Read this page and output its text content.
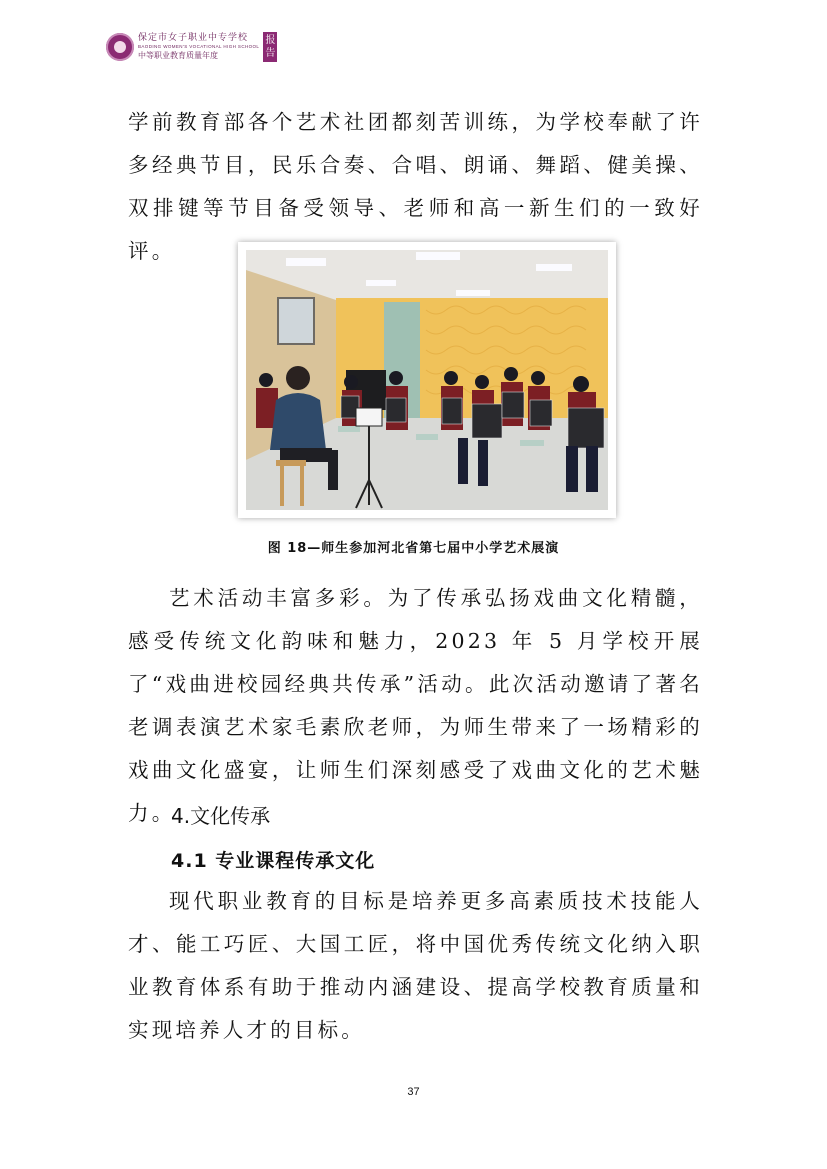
保定市女子职业中专学校
BAODING WOMEN'S VOCATIONAL HIGH SCHOOL
中等职业教育质量年度
报
告

学前教育部各个艺术社团都刻苦训练，为学校奉献了许多经典节目，民乐合奏、合唱、朗诵、舞蹈、健美操、双排键等节目备受领导、老师和高一新生们的一致好评。

图 18—师生参加河北省第七届中小学艺术展演

艺术活动丰富多彩。为了传承弘扬戏曲文化精髓，感受传统文化韵味和魅力，2023 年 5 月学校开展了“戏曲进校园经典共传承”活动。此次活动邀请了著名老调表演艺术家毛素欣老师，为师生带来了一场精彩的戏曲文化盛宴，让师生们深刻感受了戏曲文化的艺术魅力。

4.文化传承
4.1 专业课程传承文化

现代职业教育的目标是培养更多高素质技术技能人才、能工巧匠、大国工匠，将中国优秀传统文化纳入职业教育体系有助于推动内涵建设、提高学校教育质量和实现培养人才的目标。

37
